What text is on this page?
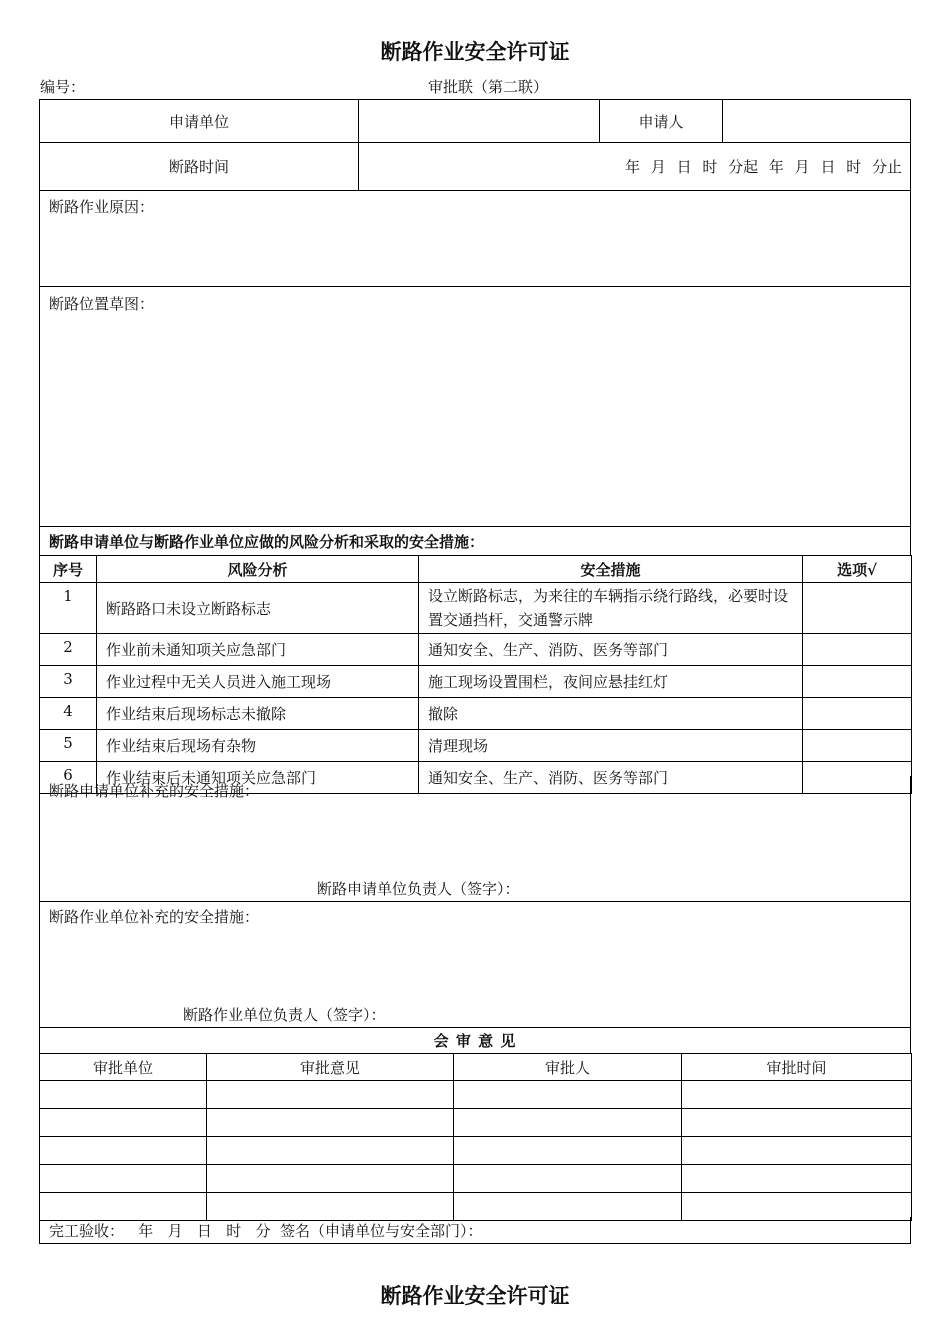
断路作业安全许可证
编号：	审批联（第二联）
申请单位	申请人
断路时间	年 月 日 时 分起 年 月 日 时 分止
断路作业原因：
断路位置草图：
断路申请单位与断路作业单位应做的风险分析和采取的安全措施：
序号	风险分析	安全措施	选项√
1	断路路口未设立断路标志	设立断路标志，为来往的车辆指示绕行路线，必要时设置交通挡杆，交通警示牌	
2	作业前未通知项关应急部门	通知安全、生产、消防、医务等部门	
3	作业过程中无关人员进入施工现场	施工现场设置围栏，夜间应悬挂红灯	
4	作业结束后现场标志未撤除	撤除	
5	作业结束后现场有杂物	清理现场	
6	作业结束后未通知项关应急部门	通知安全、生产、消防、医务等部门	
断路申请单位补充的安全措施：
断路申请单位负责人（签字）：
断路作业单位补充的安全措施：
断路作业单位负责人（签字）：
会 审 意 见
审批单位	审批意见	审批人	审批时间

完工验收：   年   月   日   时   分  签名（申请单位与安全部门）：
断路作业安全许可证
